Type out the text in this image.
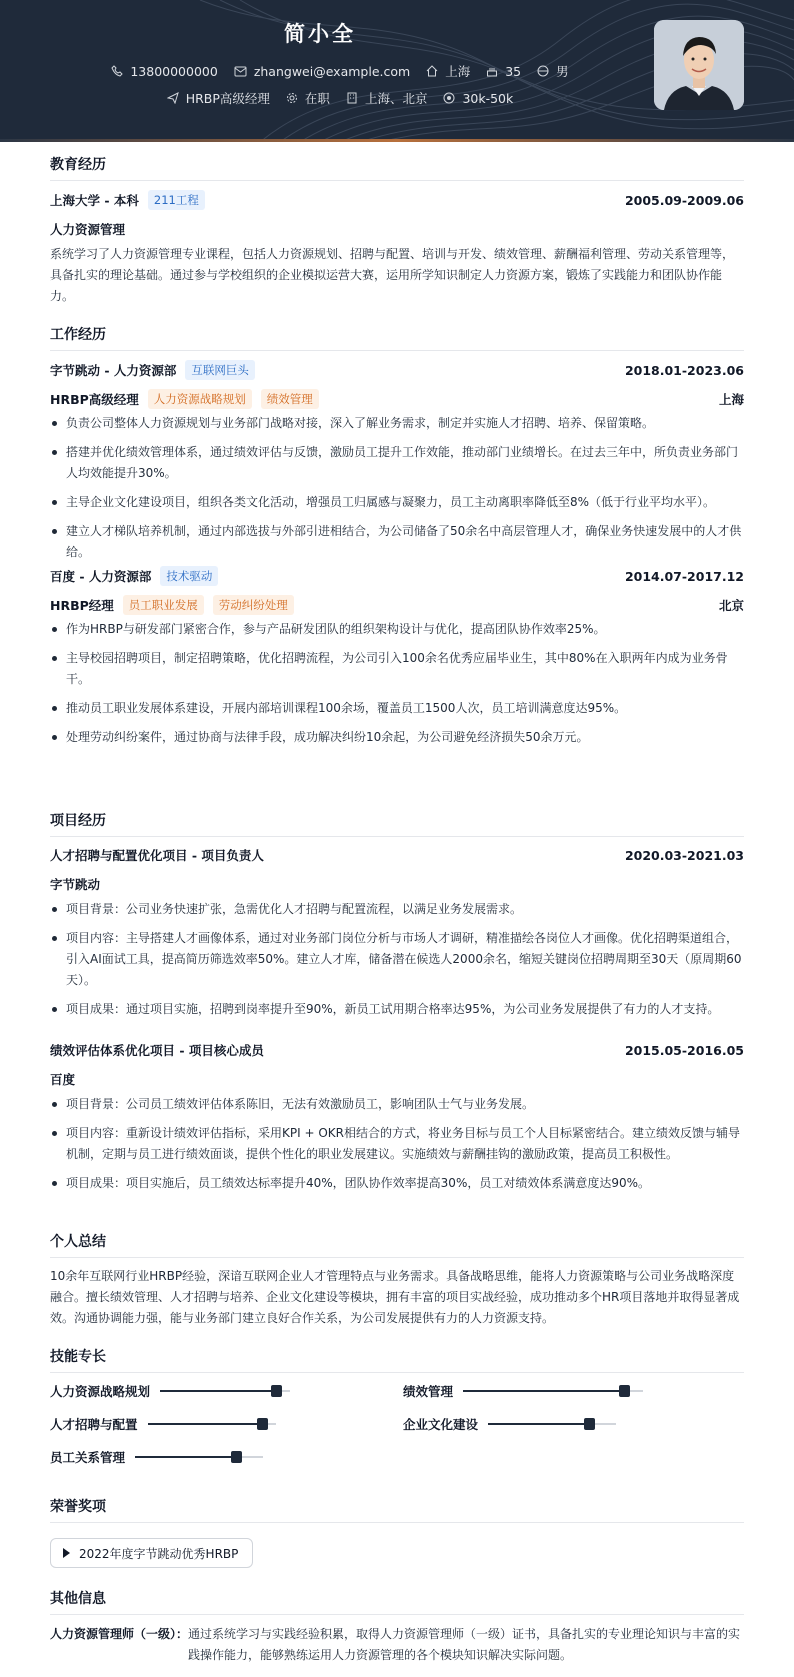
简小全
13800000000	zhangwei@example.com	上海	35	男
HRBP高级经理	在职	上海、北京	30k-50k
教育经历
上海大学 - 本科	211工程	2005.09-2009.06
人力资源管理
系统学习了人力资源管理专业课程，包括人力资源规划、招聘与配置、培训与开发、绩效管理、薪酬福利管理、劳动关系管理等，具备扎实的理论基础。通过参与学校组织的企业模拟运营大赛，运用所学知识制定人力资源方案，锻炼了实践能力和团队协作能力。
工作经历
字节跳动 - 人力资源部	互联网巨头	2018.01-2023.06
HRBP高级经理	人力资源战略规划	绩效管理	上海
负责公司整体人力资源规划与业务部门战略对接，深入了解业务需求，制定并实施人才招聘、培养、保留策略。
搭建并优化绩效管理体系，通过绩效评估与反馈，激励员工提升工作效能，推动部门业绩增长。在过去三年中，所负责业务部门人均效能提升30%。
主导企业文化建设项目，组织各类文化活动，增强员工归属感与凝聚力，员工主动离职率降低至8%（低于行业平均水平）。
建立人才梯队培养机制，通过内部选拔与外部引进相结合，为公司储备了50余名中高层管理人才，确保业务快速发展中的人才供给。
百度 - 人力资源部	技术驱动	2014.07-2017.12
HRBP经理	员工职业发展	劳动纠纷处理	北京
作为HRBP与研发部门紧密合作，参与产品研发团队的组织架构设计与优化，提高团队协作效率25%。
主导校园招聘项目，制定招聘策略，优化招聘流程，为公司引入100余名优秀应届毕业生，其中80%在入职两年内成为业务骨干。
推动员工职业发展体系建设，开展内部培训课程100余场，覆盖员工1500人次，员工培训满意度达95%。
处理劳动纠纷案件，通过协商与法律手段，成功解决纠纷10余起，为公司避免经济损失50余万元。
项目经历
人才招聘与配置优化项目 - 项目负责人	2020.03-2021.03
字节跳动
项目背景：公司业务快速扩张，急需优化人才招聘与配置流程，以满足业务发展需求。
项目内容：主导搭建人才画像体系，通过对业务部门岗位分析与市场人才调研，精准描绘各岗位人才画像。优化招聘渠道组合，引入AI面试工具，提高简历筛选效率50%。建立人才库，储备潜在候选人2000余名，缩短关键岗位招聘周期至30天（原周期60天）。
项目成果：通过项目实施，招聘到岗率提升至90%，新员工试用期合格率达95%，为公司业务发展提供了有力的人才支持。
绩效评估体系优化项目 - 项目核心成员	2015.05-2016.05
百度
项目背景：公司员工绩效评估体系陈旧，无法有效激励员工，影响团队士气与业务发展。
项目内容：重新设计绩效评估指标，采用KPI + OKR相结合的方式，将业务目标与员工个人目标紧密结合。建立绩效反馈与辅导机制，定期与员工进行绩效面谈，提供个性化的职业发展建议。实施绩效与薪酬挂钩的激励政策，提高员工积极性。
项目成果：项目实施后，员工绩效达标率提升40%，团队协作效率提高30%，员工对绩效体系满意度达90%。
个人总结
10余年互联网行业HRBP经验，深谙互联网企业人才管理特点与业务需求。具备战略思维，能将人力资源策略与公司业务战略深度融合。擅长绩效管理、人才招聘与培养、企业文化建设等模块，拥有丰富的项目实战经验，成功推动多个HR项目落地并取得显著成效。沟通协调能力强，能与业务部门建立良好合作关系，为公司发展提供有力的人力资源支持。
技能专长
人力资源战略规划	绩效管理
人才招聘与配置	企业文化建设
员工关系管理
荣誉奖项
2022年度字节跳动优秀HRBP
其他信息
人力资源管理师（一级）： 通过系统学习与实践经验积累，取得人力资源管理师（一级）证书，具备扎实的专业理论知识与丰富的实践操作能力，能够熟练运用人力资源管理的各个模块知识解决实际问题。
